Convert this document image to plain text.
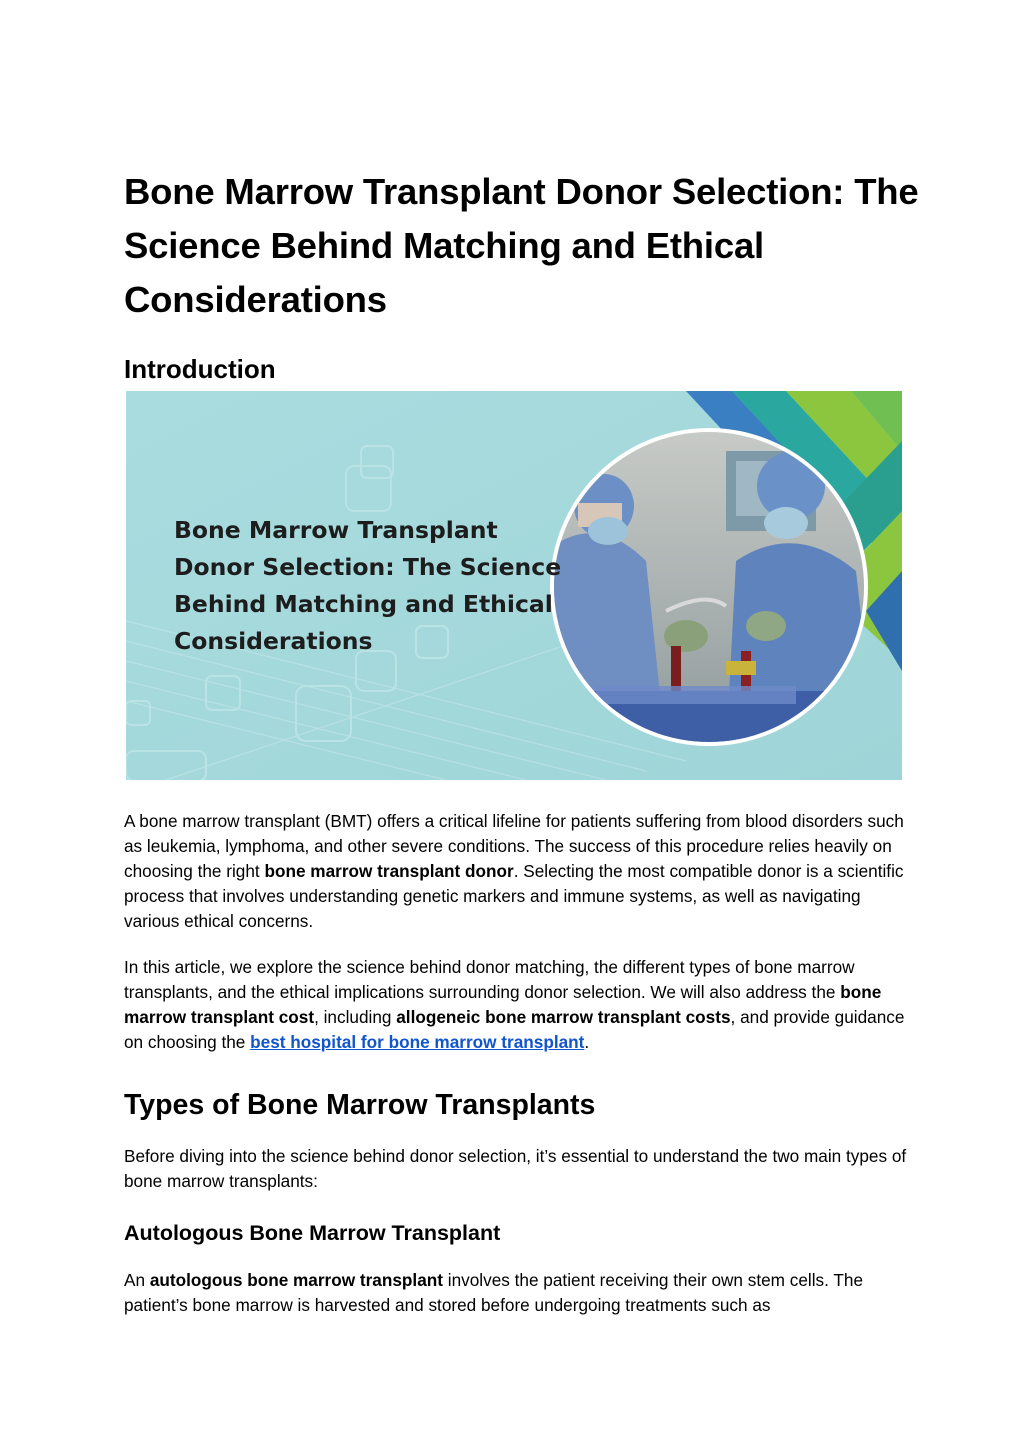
Bone Marrow Transplant Donor Selection: The Science Behind Matching and Ethical Considerations
Introduction
Bone Marrow Transplant
Donor Selection: The Science
Behind Matching and Ethical
Considerations

A bone marrow transplant (BMT) offers a critical lifeline for patients suffering from blood disorders such as leukemia, lymphoma, and other severe conditions. The success of this procedure relies heavily on choosing the right bone marrow transplant donor. Selecting the most compatible donor is a scientific process that involves understanding genetic markers and immune systems, as well as navigating various ethical concerns.

In this article, we explore the science behind donor matching, the different types of bone marrow transplants, and the ethical implications surrounding donor selection. We will also address the bone marrow transplant cost, including allogeneic bone marrow transplant costs, and provide guidance on choosing the best hospital for bone marrow transplant.

Types of Bone Marrow Transplants

Before diving into the science behind donor selection, it’s essential to understand the two main types of bone marrow transplants:

Autologous Bone Marrow Transplant

An autologous bone marrow transplant involves the patient receiving their own stem cells. The patient’s bone marrow is harvested and stored before undergoing treatments such as
